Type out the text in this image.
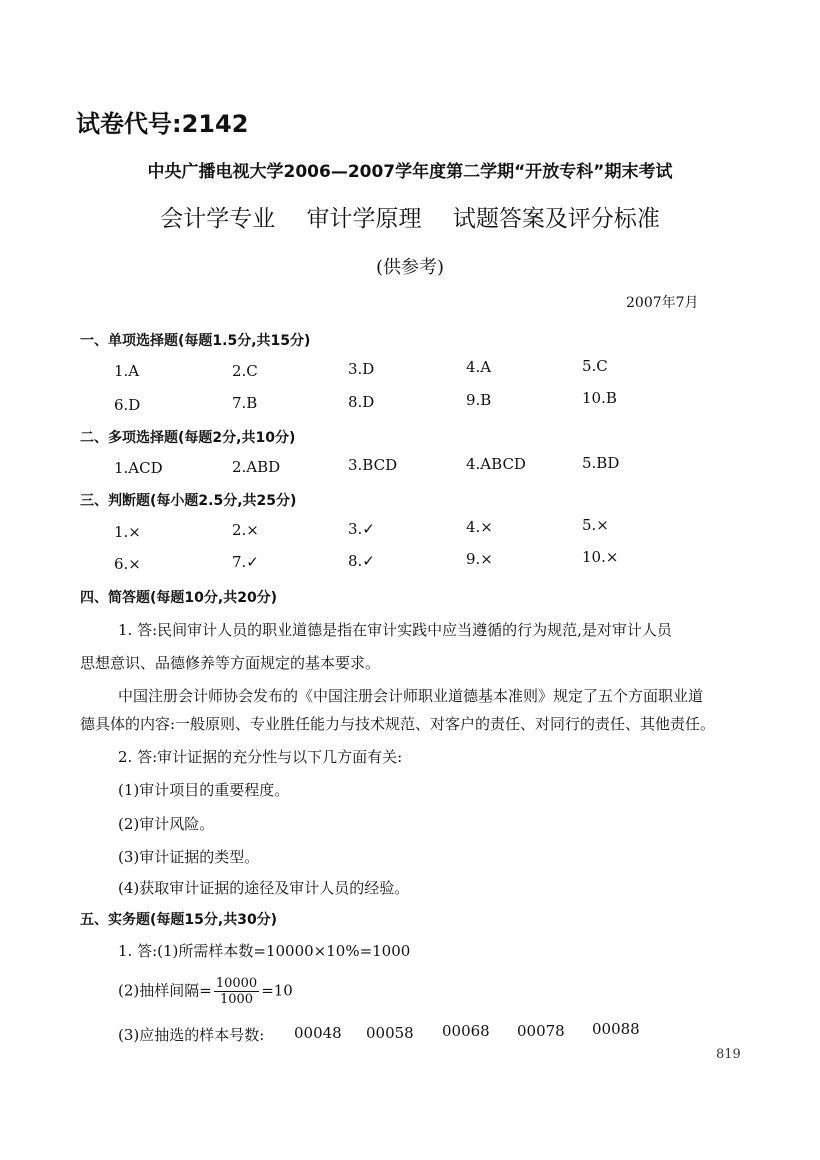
试卷代号:2142
中央广播电视大学2006—2007学年度第二学期“开放专科”期末考试
会计学专业 审计学原理 试题答案及评分标准
(供参考)
2007年7月
一、单项选择题(每题1.5分,共15分)
1.A	2.C	3.D	4.A	5.C
6.D	7.B	8.D	9.B	10.B
二、多项选择题(每题2分,共10分)
1.ACD	2.ABD	3.BCD	4.ABCD	5.BD
三、判断题(每小题2.5分,共25分)
1.×	2.×	3.✓	4.×	5.×
6.×	7.✓	8.✓	9.×	10.×
四、简答题(每题10分,共20分)
1. 答:民间审计人员的职业道德是指在审计实践中应当遵循的行为规范,是对审计人员
思想意识、品德修养等方面规定的基本要求。
中国注册会计师协会发布的《中国注册会计师职业道德基本准则》规定了五个方面职业道
德具体的内容:一般原则、专业胜任能力与技术规范、对客户的责任、对同行的责任、其他责任。
2. 答:审计证据的充分性与以下几方面有关:
(1)审计项目的重要程度。
(2)审计风险。
(3)审计证据的类型。
(4)获取审计证据的途径及审计人员的经验。
五、实务题(每题15分,共30分)
1. 答:(1)所需样本数=10000×10%=1000
(2)抽样间隔= $\frac{10000}{1000} =10$
(3)应抽选的样本号数: 00048 00058 00068 00078 00088
819
